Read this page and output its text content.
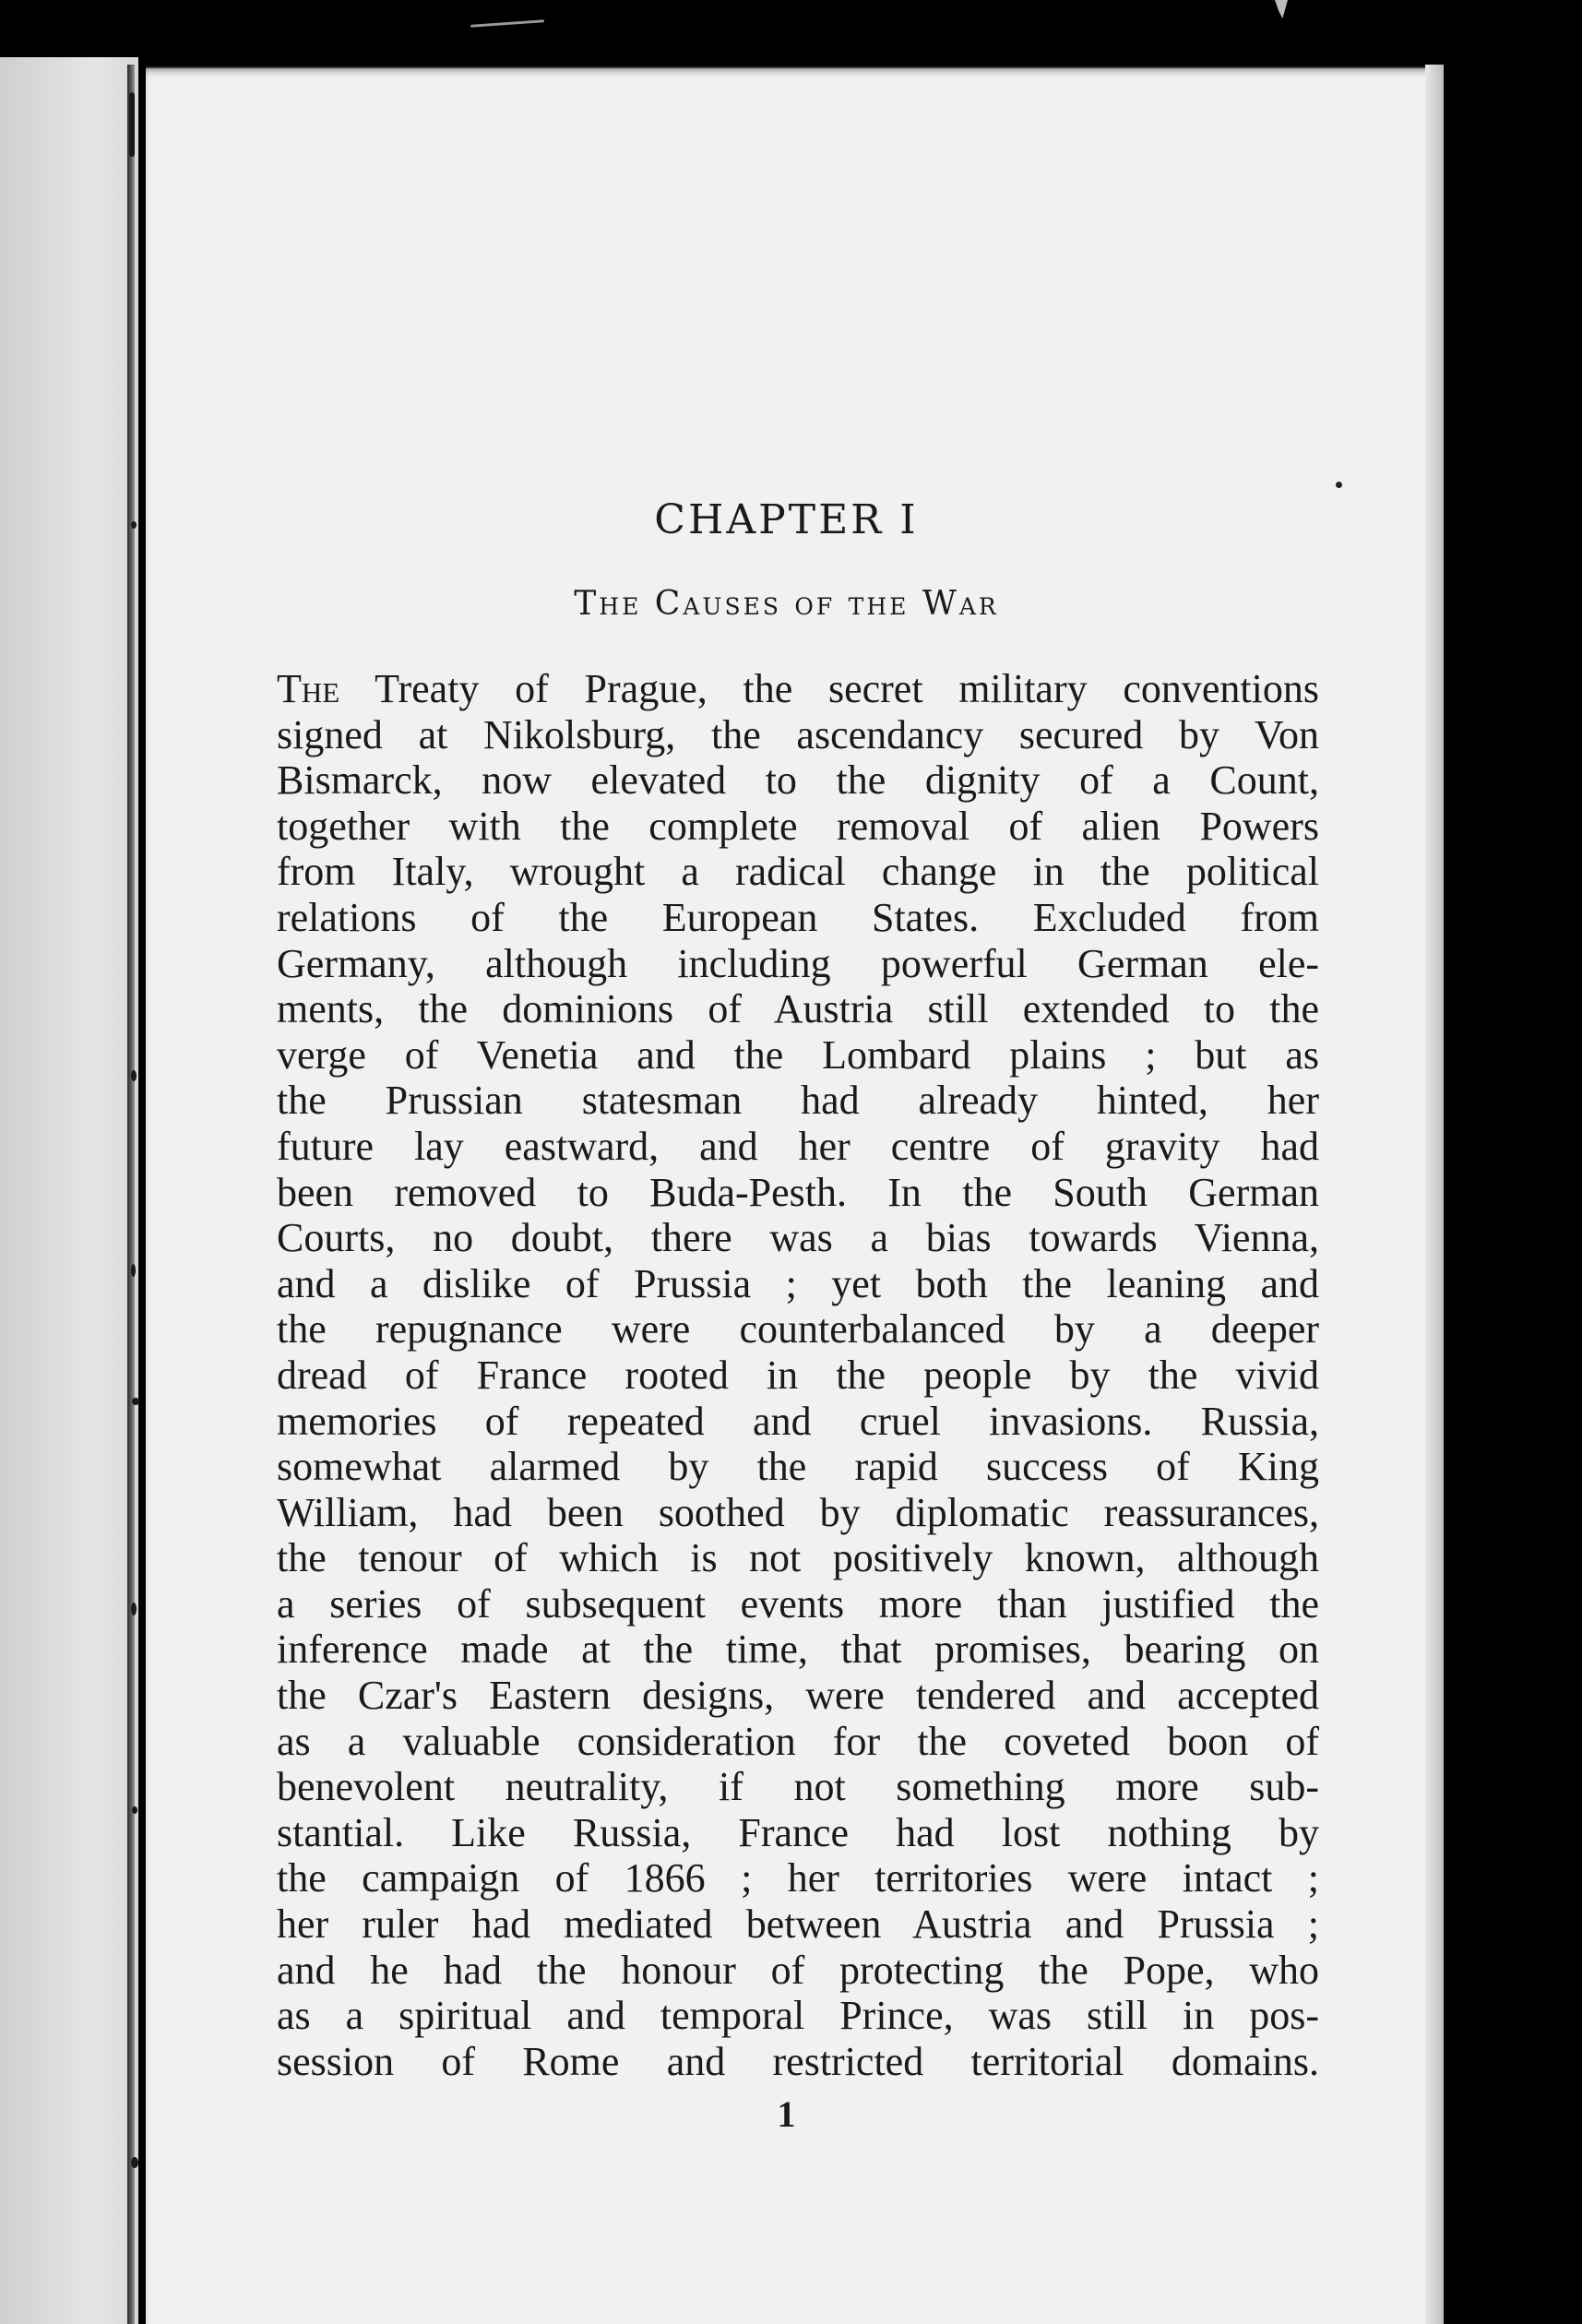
CHAPTER I
The Causes of the War
The Treaty of Prague, the secret military conventions
signed at Nikolsburg, the ascendancy secured by Von
Bismarck, now elevated to the dignity of a Count,
together with the complete removal of alien Powers
from Italy, wrought a radical change in the political
relations of the European States. Excluded from
Germany, although including powerful German ele-
ments, the dominions of Austria still extended to the
verge of Venetia and the Lombard plains ; but as
the Prussian statesman had already hinted, her
future lay eastward, and her centre of gravity had
been removed to Buda-Pesth. In the South German
Courts, no doubt, there was a bias towards Vienna,
and a dislike of Prussia ; yet both the leaning and
the repugnance were counterbalanced by a deeper
dread of France rooted in the people by the vivid
memories of repeated and cruel invasions. Russia,
somewhat alarmed by the rapid success of King
William, had been soothed by diplomatic reassurances,
the tenour of which is not positively known, although
a series of subsequent events more than justified the
inference made at the time, that promises, bearing on
the Czar's Eastern designs, were tendered and accepted
as a valuable consideration for the coveted boon of
benevolent neutrality, if not something more sub-
stantial. Like Russia, France had lost nothing by
the campaign of 1866 ; her territories were intact ;
her ruler had mediated between Austria and Prussia ;
and he had the honour of protecting the Pope, who
as a spiritual and temporal Prince, was still in pos-
session of Rome and restricted territorial domains.
1
